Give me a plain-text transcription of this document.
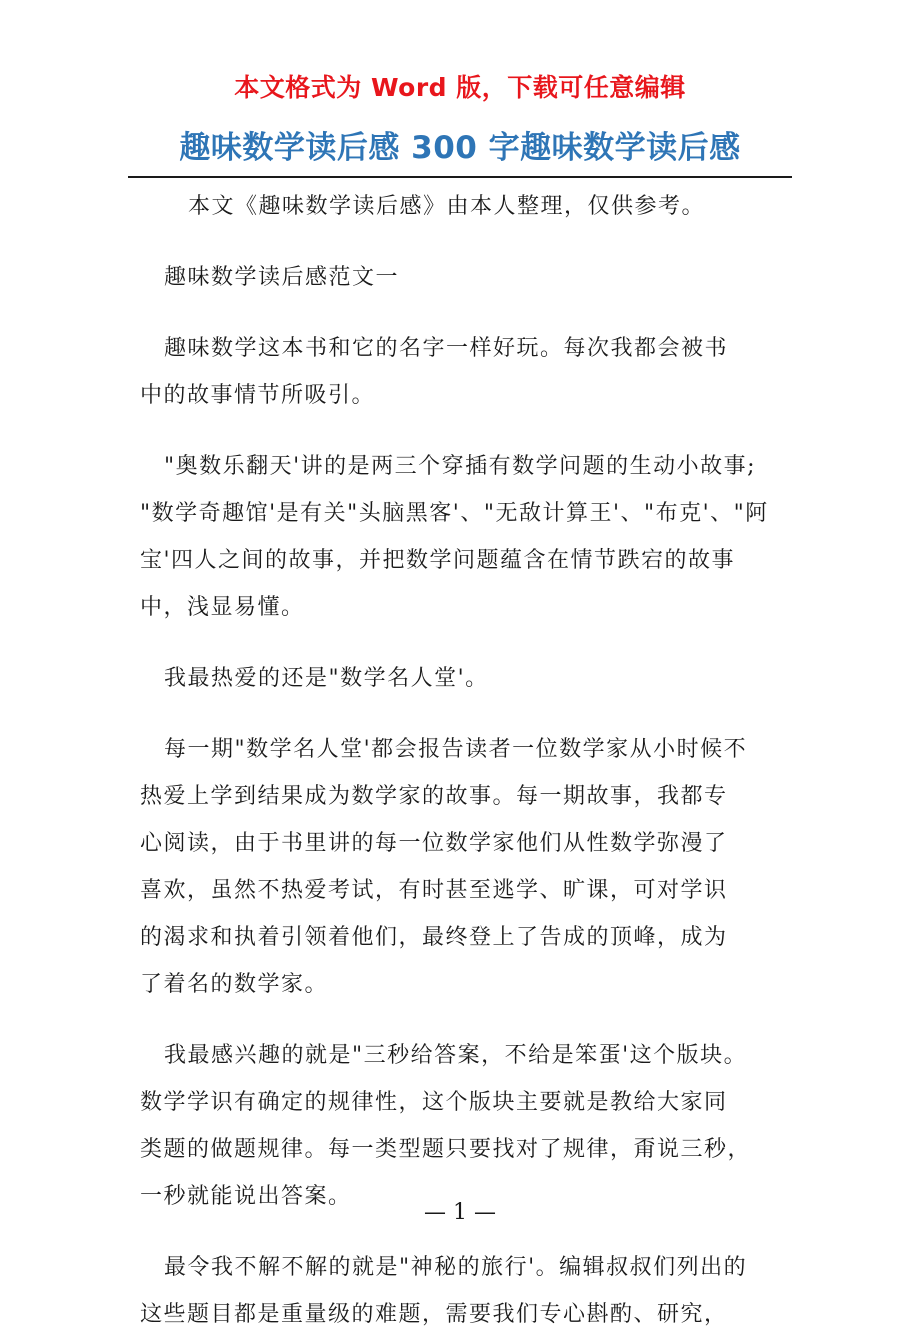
本文格式为 Word 版，下载可任意编辑
趣味数学读后感 300 字趣味数学读后感
本文《趣味数学读后感》由本人整理，仅供参考。
趣味数学读后感范文一
趣味数学这本书和它的名字一样好玩。每次我都会被书
中的故事情节所吸引。
"奥数乐翻天'讲的是两三个穿插有数学问题的生动小故事;
"数学奇趣馆'是有关"头脑黑客'、"无敌计算王'、"布克'、"阿
宝'四人之间的故事，并把数学问题蕴含在情节跌宕的故事
中，浅显易懂。
我最热爱的还是"数学名人堂'。
每一期"数学名人堂'都会报告读者一位数学家从小时候不
热爱上学到结果成为数学家的故事。每一期故事，我都专
心阅读，由于书里讲的每一位数学家他们从性数学弥漫了
喜欢，虽然不热爱考试，有时甚至逃学、旷课，可对学识
的渴求和执着引领着他们，最终登上了告成的顶峰，成为
了着名的数学家。
我最感兴趣的就是"三秒给答案，不给是笨蛋'这个版块。
数学学识有确定的规律性，这个版块主要就是教给大家同
类题的做题规律。每一类型题只要找对了规律，甭说三秒，
一秒就能说出答案。
最令我不解不解的就是"神秘的旅行'。编辑叔叔们列出的
这些题目都是重量级的难题，需要我们专心斟酌、研究，
— 1 —
